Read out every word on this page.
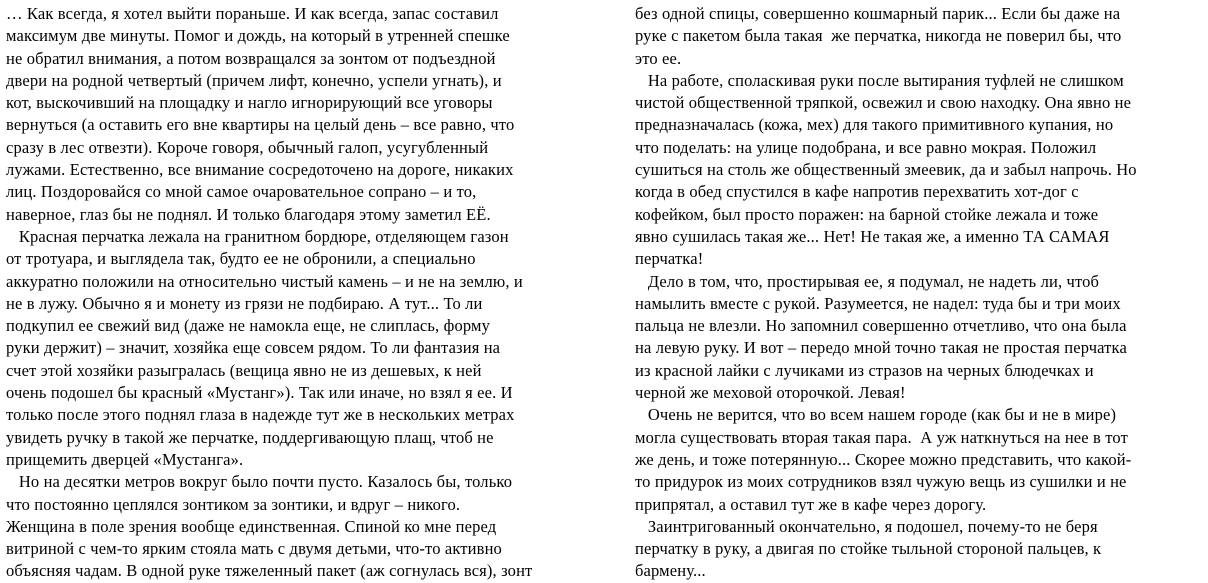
… Как всегда, я хотел выйти пораньше. И как всегда, запас составил
максимум две минуты. Помог и дождь, на который в утренней спешке
не обратил внимания, а потом возвращался за зонтом от подъездной
двери на родной четвертый (причем лифт, конечно, успели угнать), и
кот, выскочивший на площадку и нагло игнорирующий все уговоры
вернуться (а оставить его вне квартиры на целый день – все равно, что
сразу в лес отвезти). Короче говоря, обычный галоп, усугубленный
лужами. Естественно, все внимание сосредоточено на дороге, никаких
лиц. Поздоровайся со мной самое очаровательное сопрано – и то,
наверное, глаз бы не поднял. И только благодаря этому заметил ЕЁ.
Красная перчатка лежала на гранитном бордюре, отделяющем газон
от тротуара, и выглядела так, будто ее не обронили, а специально
аккуратно положили на относительно чистый камень – и не на землю, и
не в лужу. Обычно я и монету из грязи не подбираю. А тут... То ли
подкупил ее свежий вид (даже не намокла еще, не слиплась, форму
руки держит) – значит, хозяйка еще совсем рядом. То ли фантазия на
счет этой хозяйки разыгралась (вещица явно не из дешевых, к ней
очень подошел бы красный «Мустанг»). Так или иначе, но взял я ее. И
только после этого поднял глаза в надежде тут же в нескольких метрах
увидеть ручку в такой же перчатке, поддергивающую плащ, чтоб не
прищемить дверцей «Мустанга».
Но на десятки метров вокруг было почти пусто. Казалось бы, только
что постоянно цеплялся зонтиком за зонтики, и вдруг – никого.
Женщина в поле зрения вообще единственная. Спиной ко мне перед
витриной с чем-то ярким стояла мать с двумя детьми, что-то активно
объясняя чадам. В одной руке тяжеленный пакет (аж согнулась вся), зонт
без одной спицы, совершенно кошмарный парик... Если бы даже на
руке с пакетом была такая  же перчатка, никогда не поверил бы, что
это ее.
На работе, споласкивая руки после вытирания туфлей не слишком
чистой общественной тряпкой, освежил и свою находку. Она явно не
предназначалась (кожа, мех) для такого примитивного купания, но
что поделать: на улице подобрана, и все равно мокрая. Положил
сушиться на столь же общественный змеевик, да и забыл напрочь. Но
когда в обед спустился в кафе напротив перехватить хот-дог с
кофейком, был просто поражен: на барной стойке лежала и тоже
явно сушилась такая же... Нет! Не такая же, а именно ТА САМАЯ
перчатка!
Дело в том, что, простирывая ее, я подумал, не надеть ли, чтоб
намылить вместе с рукой. Разумеется, не надел: туда бы и три моих
пальца не влезли. Но запомнил совершенно отчетливо, что она была
на левую руку. И вот – передо мной точно такая не простая перчатка
из красной лайки с лучиками из стразов на черных блюдечках и
черной же меховой оторочкой. Левая!
Очень не верится, что во всем нашем городе (как бы и не в мире)
могла существовать вторая такая пара.  А уж наткнуться на нее в тот
же день, и тоже потерянную... Скорее можно представить, что какой-
то придурок из моих сотрудников взял чужую вещь из сушилки и не
припрятал, а оставил тут же в кафе через дорогу.
Заинтригованный окончательно, я подошел, почему-то не беря
перчатку в руку, а двигая по стойке тыльной стороной пальцев, к
бармену...
